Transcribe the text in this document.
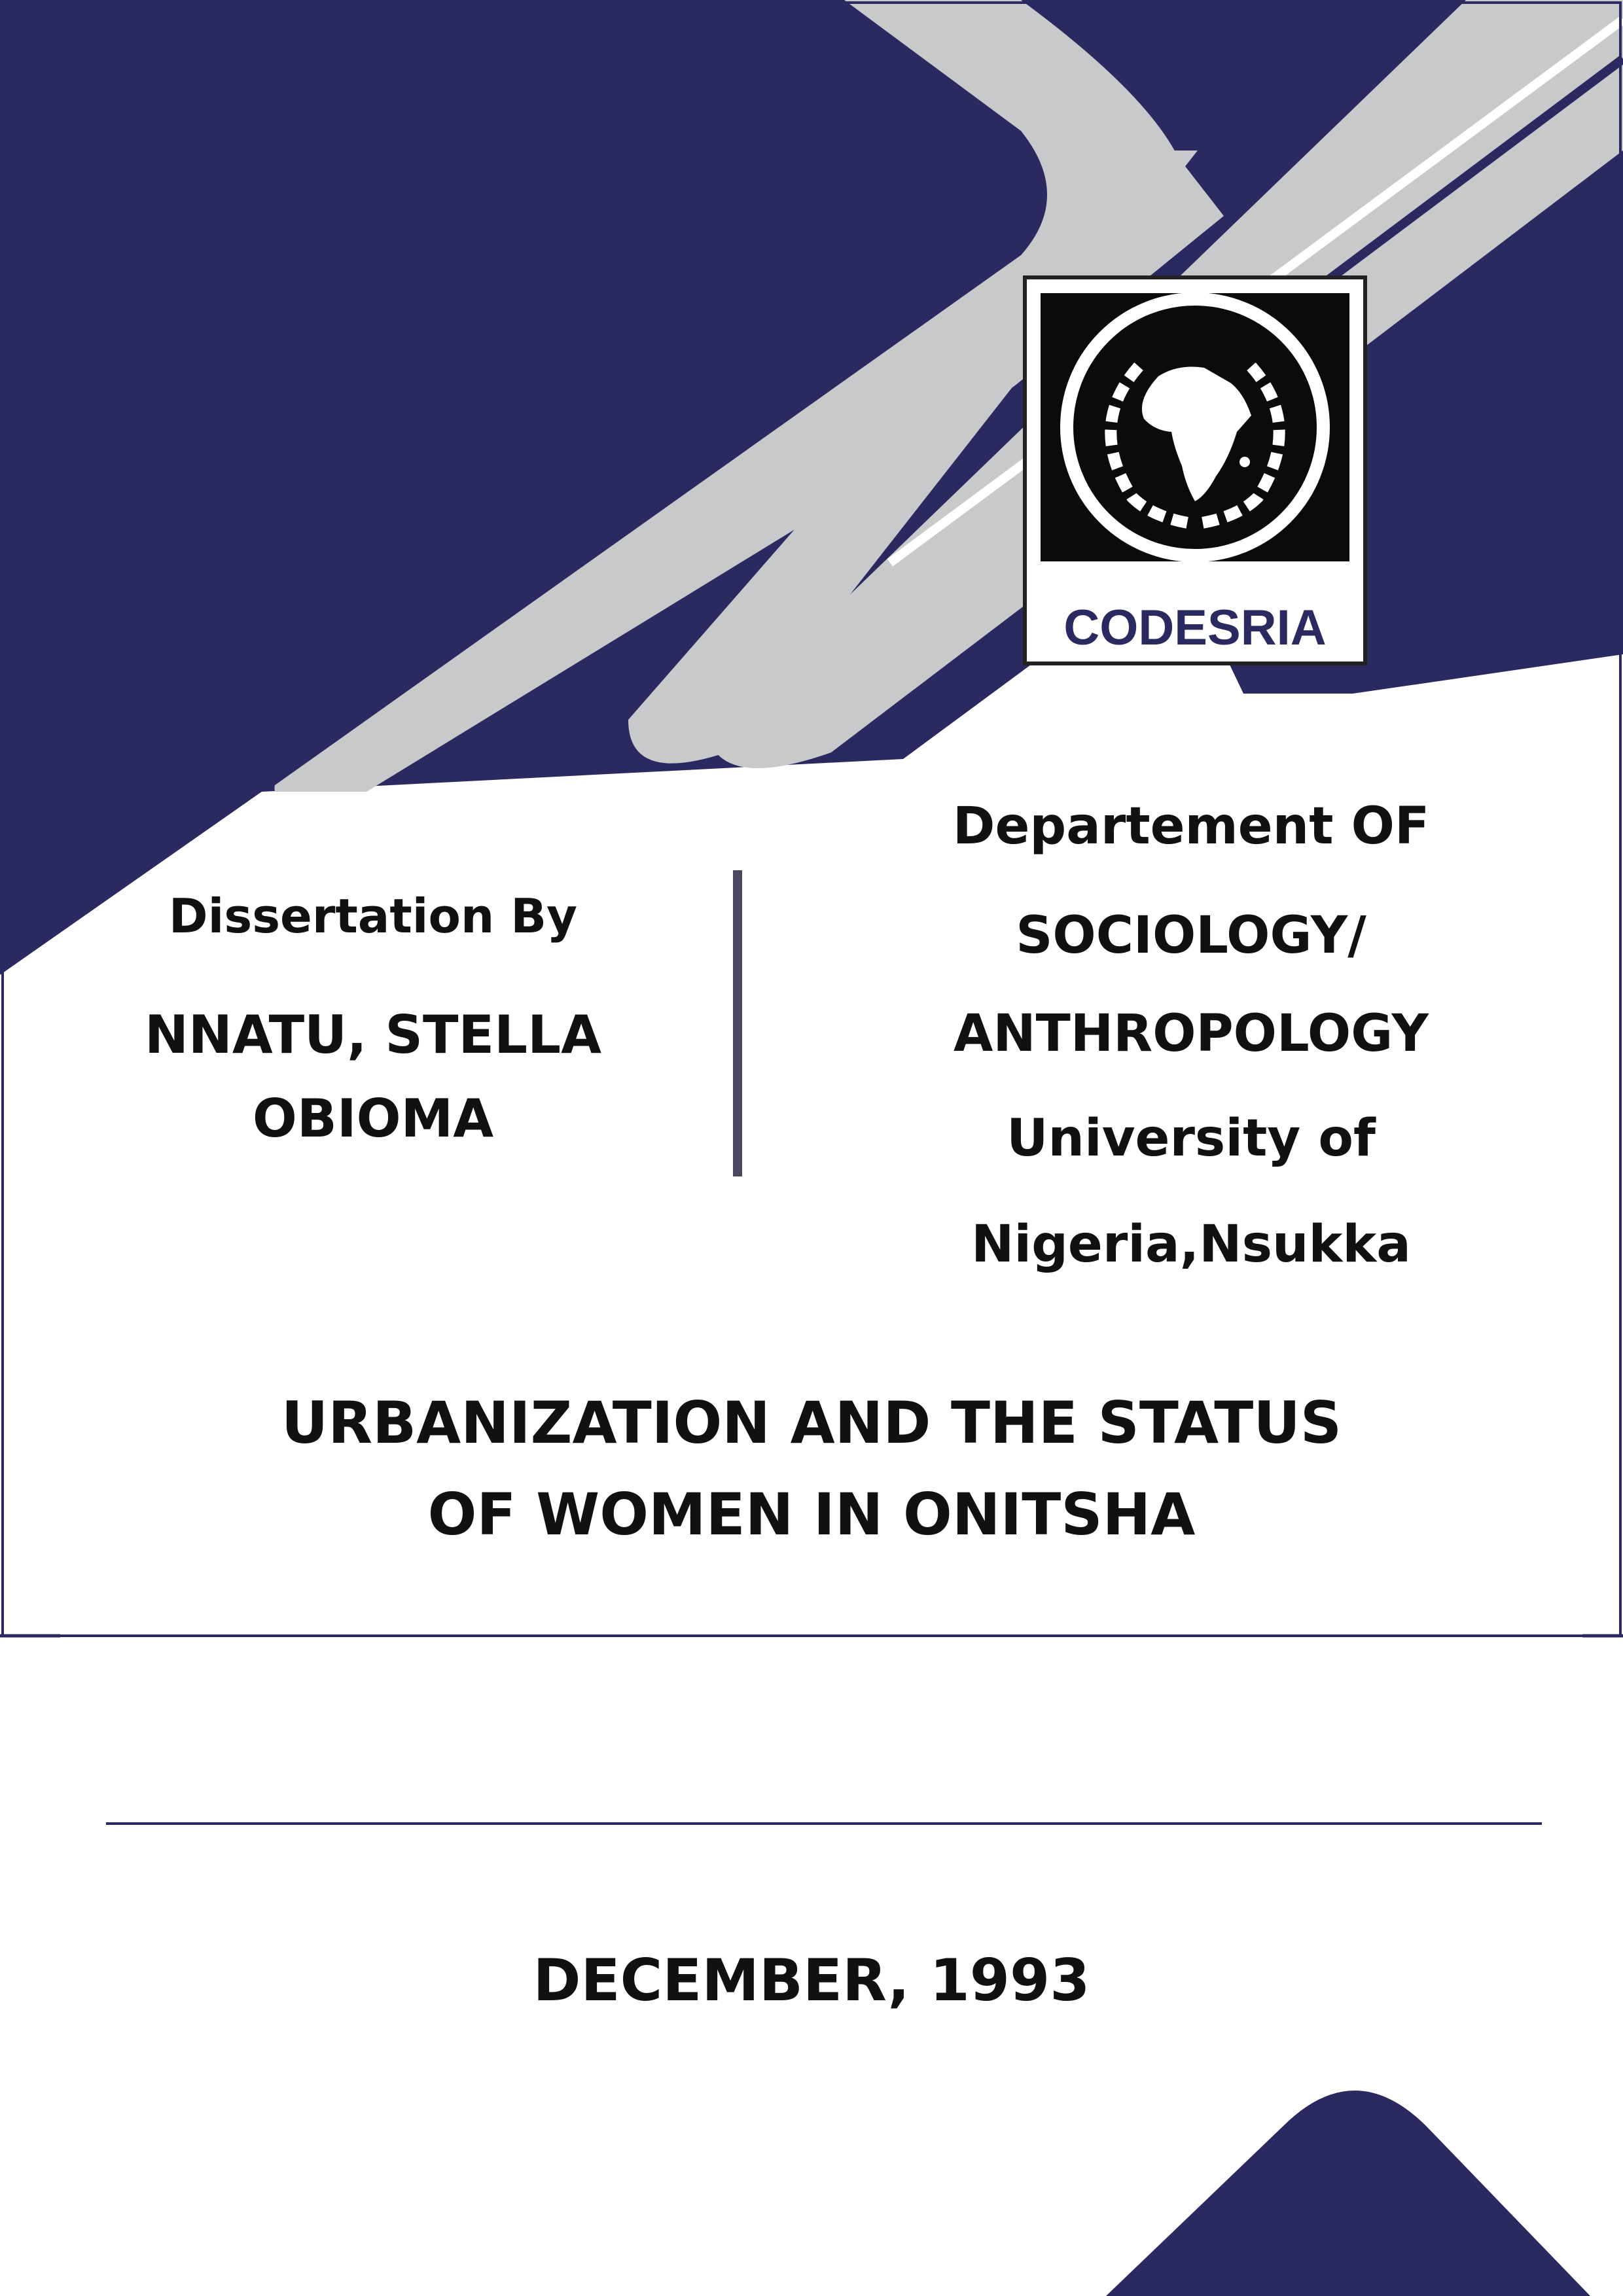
CODESRIA

Dissertation By

NNATU, STELLA
OBIOMA

Departement OF

SOCIOLOGY/

ANTHROPOLOGY

University of

Nigeria,Nsukka

URBANIZATION AND THE STATUS
OF WOMEN IN ONITSHA

DECEMBER, 1993
